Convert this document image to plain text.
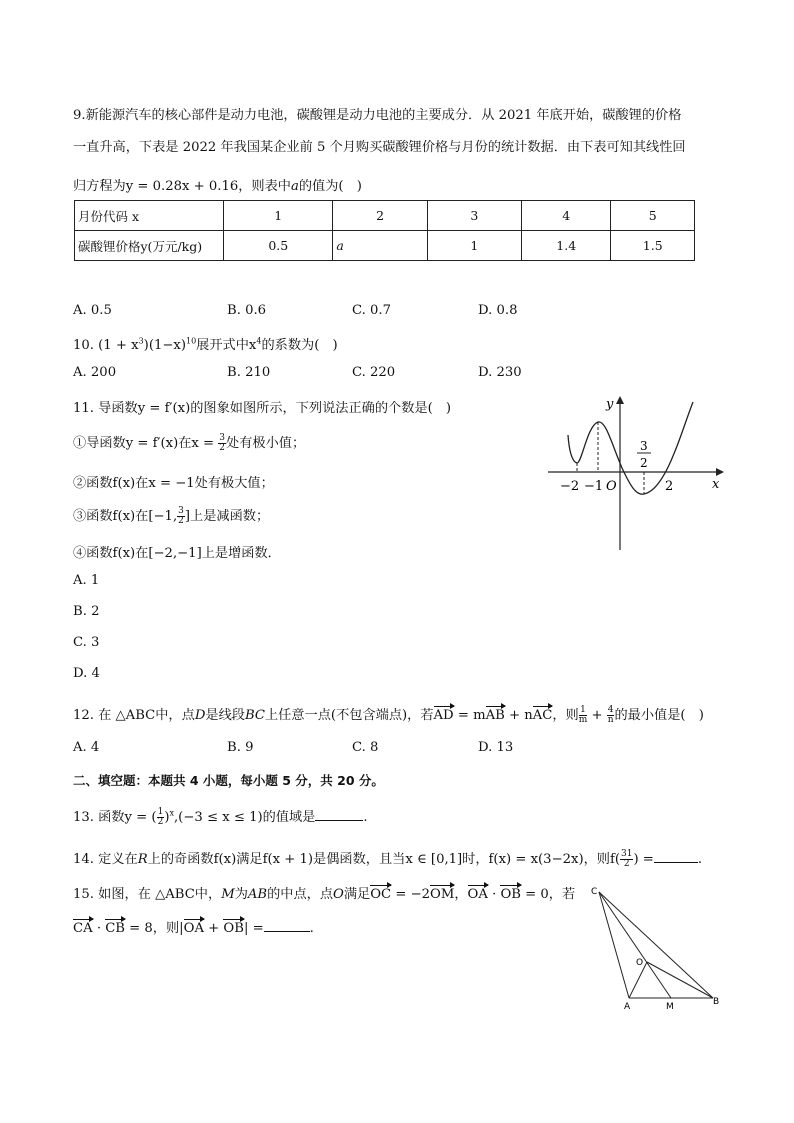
9.新能源汽车的核心部件是动力电池，碳酸锂是动力电池的主要成分．从 2021 年底开始，碳酸锂的价格
一直升高，下表是 2022 年我国某企业前 5 个月购买碳酸锂价格与月份的统计数据．由下表可知其线性回
归方程为y = 0.28x + 0.16，则表中a的值为(　)
月份代码 x	1	2	3	4	5
碳酸锂价格y(万元/kg)	0.5	a	1	1.4	1.5
A. 0.5	B. 0.6	C. 0.7	D. 0.8
10. $(1 + x^3)(1-x)^{10}$展开式中$x^4$的系数为(　)
A. 200	B. 210	C. 220	D. 230
11. 导函数y = f′(x)的图象如图所示，下列说法正确的个数是(　)
①导函数y = f′(x)在$x = \frac{3}{2}$ 处有极小值；
②函数f(x)在x = −1处有极大值；
③函数f(x)在[−1, $\frac{3}{2}$ ]上是减函数；
④函数f(x)在[−2,−1]上是增函数．
A. 1
B. 2
C. 3
D. 4
y
x
−2 −1 O	2
3
2
12. 在 △ABC中，点D是线段BC上任意一点(不包含端点)，若AD = mAB + nAC，则 $\frac{1}{m} + \frac{4}{n}$ 的最小值是(　)
A. 4	B. 9	C. 8	D. 13
二、填空题：本题共 4 小题，每小题 5 分，共 20 分。
13. 函数y = ( $\frac{1}{2} )^x,(-3 \le x \le 1)$的值域是	.
14. 定义在R上的奇函数f(x)满足f(x + 1)是偶函数，且当x ∈ [0,1]时，f(x) = x(3−2x)，则$f( \frac{31}{2}$ ) =	.
15. 如图，在 △ABC中，M为AB的中点，点O满足OC = −2OM，OA · OB = 0，若
CA · CB = 8，则|OA + OB| =	.
C
O
A	M	B
